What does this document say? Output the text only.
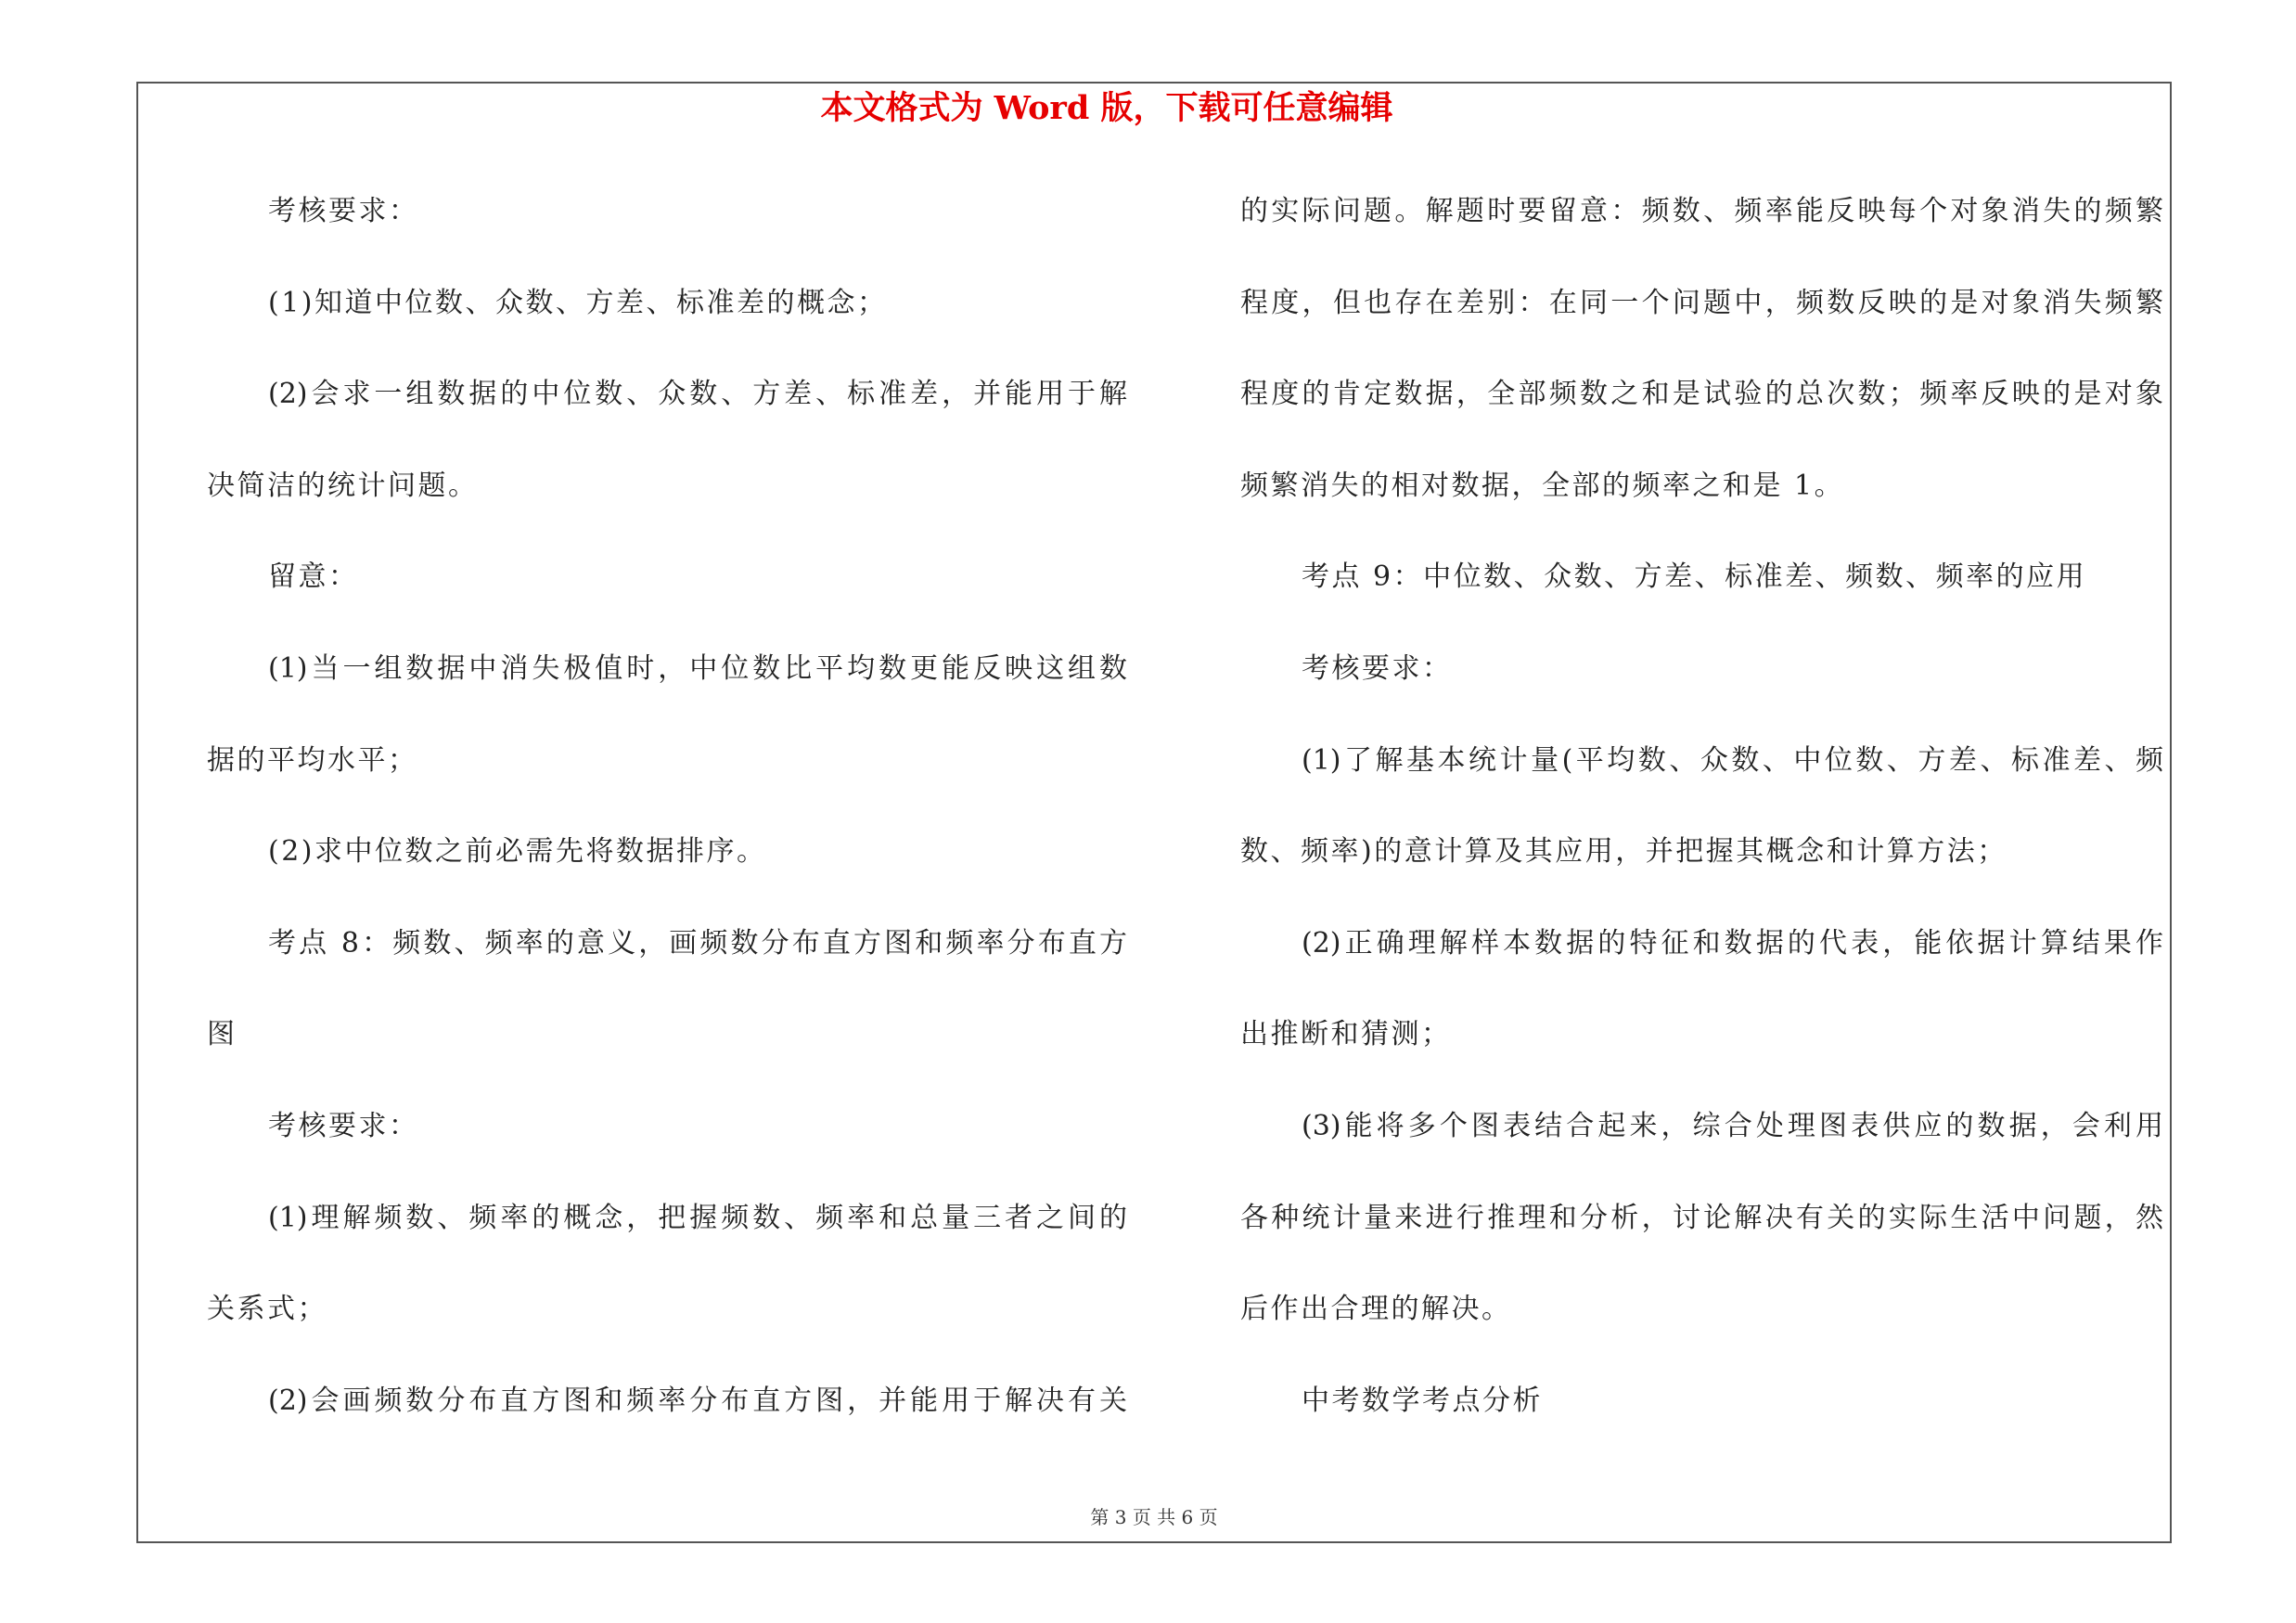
本文格式为 Word 版，下载可任意编辑
考核要求：
(1)知道中位数、众数、方差、标准差的概念；
(2)会求一组数据的中位数、众数、方差、标准差，并能用于解
决简洁的统计问题。
留意：
(1)当一组数据中消失极值时，中位数比平均数更能反映这组数
据的平均水平；
(2)求中位数之前必需先将数据排序。
考点 8：频数、频率的意义，画频数分布直方图和频率分布直方
图
考核要求：
(1)理解频数、频率的概念，把握频数、频率和总量三者之间的
关系式；
(2)会画频数分布直方图和频率分布直方图，并能用于解决有关
的实际问题。解题时要留意：频数、频率能反映每个对象消失的频繁
程度，但也存在差别：在同一个问题中，频数反映的是对象消失频繁
程度的肯定数据，全部频数之和是试验的总次数；频率反映的是对象
频繁消失的相对数据，全部的频率之和是 1。
考点 9：中位数、众数、方差、标准差、频数、频率的应用
考核要求：
(1)了解基本统计量(平均数、众数、中位数、方差、标准差、频
数、频率)的意计算及其应用，并把握其概念和计算方法；
(2)正确理解样本数据的特征和数据的代表，能依据计算结果作
出推断和猜测；
(3)能将多个图表结合起来，综合处理图表供应的数据，会利用
各种统计量来进行推理和分析，讨论解决有关的实际生活中问题，然
后作出合理的解决。
中考数学考点分析
第 3 页 共 6 页
